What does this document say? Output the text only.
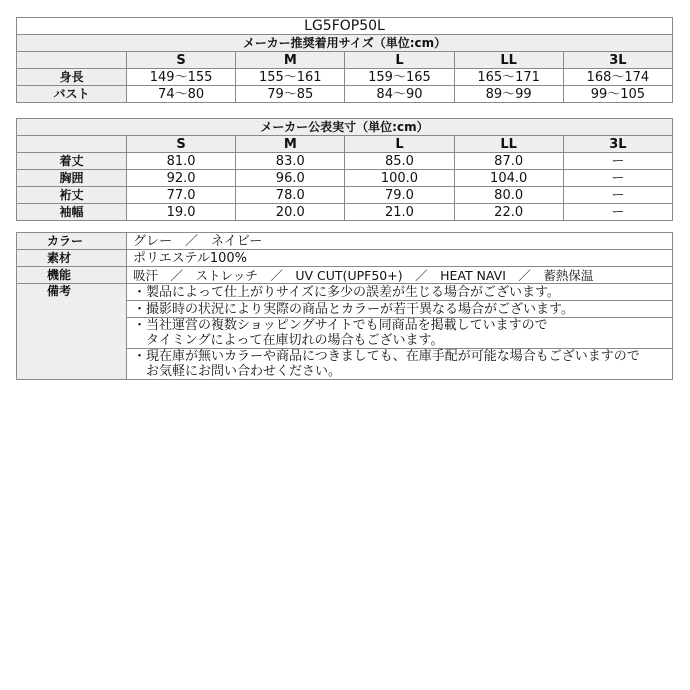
LG5FOP50L					
メーカー推奨着用サイズ（単位:cm）					
	S	M	L	LL	3L
身長	149〜155	155〜161	159〜165	165〜171	168〜174
バスト	74〜80	79〜85	84〜90	89〜99	99〜105
メーカー公表実寸（単位:cm）					
	S	M	L	LL	3L
着丈	81.0	83.0	85.0	87.0	ー
胸囲	92.0	96.0	100.0	104.0	ー
裄丈	77.0	78.0	79.0	80.0	ー
袖幅	19.0	20.0	21.0	22.0	ー
カラー	グレー　／　ネイビー
素材	ポリエステル100%
機能	吸汗　／　ストレッチ　／　UV CUT(UPF50+)　／　HEAT NAVI　／　蓄熱保温
備考	・製品によって仕上がりサイズに多少の誤差が生じる場合がございます。

	・撮影時の状況により実際の商品とカラーが若干異なる場合がございます。

	・当社運営の複数ショッピングサイトでも同商品を掲載していますので
　タイミングによって在庫切れの場合もございます。

	・現在庫が無いカラーや商品につきましても、在庫手配が可能な場合もございますので
　お気軽にお問い合わせください。
